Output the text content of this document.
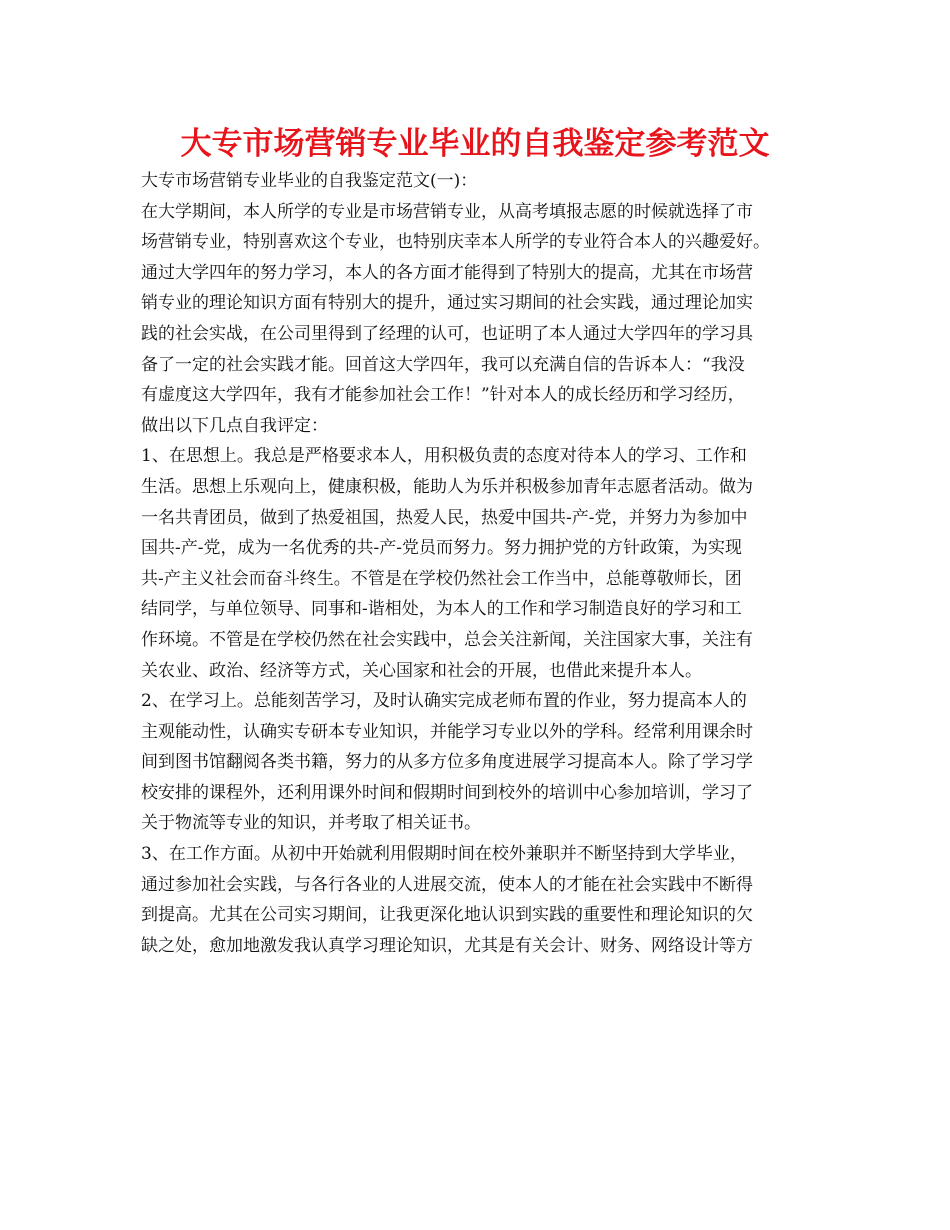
大专市场营销专业毕业的自我鉴定参考范文
大专市场营销专业毕业的自我鉴定范文(一)：
在大学期间，本人所学的专业是市场营销专业，从高考填报志愿的时候就选择了市
场营销专业，特别喜欢这个专业，也特别庆幸本人所学的专业符合本人的兴趣爱好。
通过大学四年的努力学习，本人的各方面才能得到了特别大的提高，尤其在市场营
销专业的理论知识方面有特别大的提升，通过实习期间的社会实践，通过理论加实
践的社会实战，在公司里得到了经理的认可，也证明了本人通过大学四年的学习具
备了一定的社会实践才能。回首这大学四年，我可以充满自信的告诉本人：“我没
有虚度这大学四年，我有才能参加社会工作！”针对本人的成长经历和学习经历，
做出以下几点自我评定：
1、在思想上。我总是严格要求本人，用积极负责的态度对待本人的学习、工作和
生活。思想上乐观向上，健康积极，能助人为乐并积极参加青年志愿者活动。做为
一名共青团员，做到了热爱祖国，热爱人民，热爱中国共-产-党，并努力为参加中
国共-产-党，成为一名优秀的共-产-党员而努力。努力拥护党的方针政策，为实现
共-产主义社会而奋斗终生。不管是在学校仍然社会工作当中，总能尊敬师长，团
结同学，与单位领导、同事和-谐相处，为本人的工作和学习制造良好的学习和工
作环境。不管是在学校仍然在社会实践中，总会关注新闻，关注国家大事，关注有
关农业、政治、经济等方式，关心国家和社会的开展，也借此来提升本人。
2、在学习上。总能刻苦学习，及时认确实完成老师布置的作业，努力提高本人的
主观能动性，认确实专研本专业知识，并能学习专业以外的学科。经常利用课余时
间到图书馆翻阅各类书籍，努力的从多方位多角度进展学习提高本人。除了学习学
校安排的课程外，还利用课外时间和假期时间到校外的培训中心参加培训，学习了
关于物流等专业的知识，并考取了相关证书。
3、在工作方面。从初中开始就利用假期时间在校外兼职并不断坚持到大学毕业，
通过参加社会实践，与各行各业的人进展交流，使本人的才能在社会实践中不断得
到提高。尤其在公司实习期间，让我更深化地认识到实践的重要性和理论知识的欠
缺之处，愈加地激发我认真学习理论知识，尤其是有关会计、财务、网络设计等方
